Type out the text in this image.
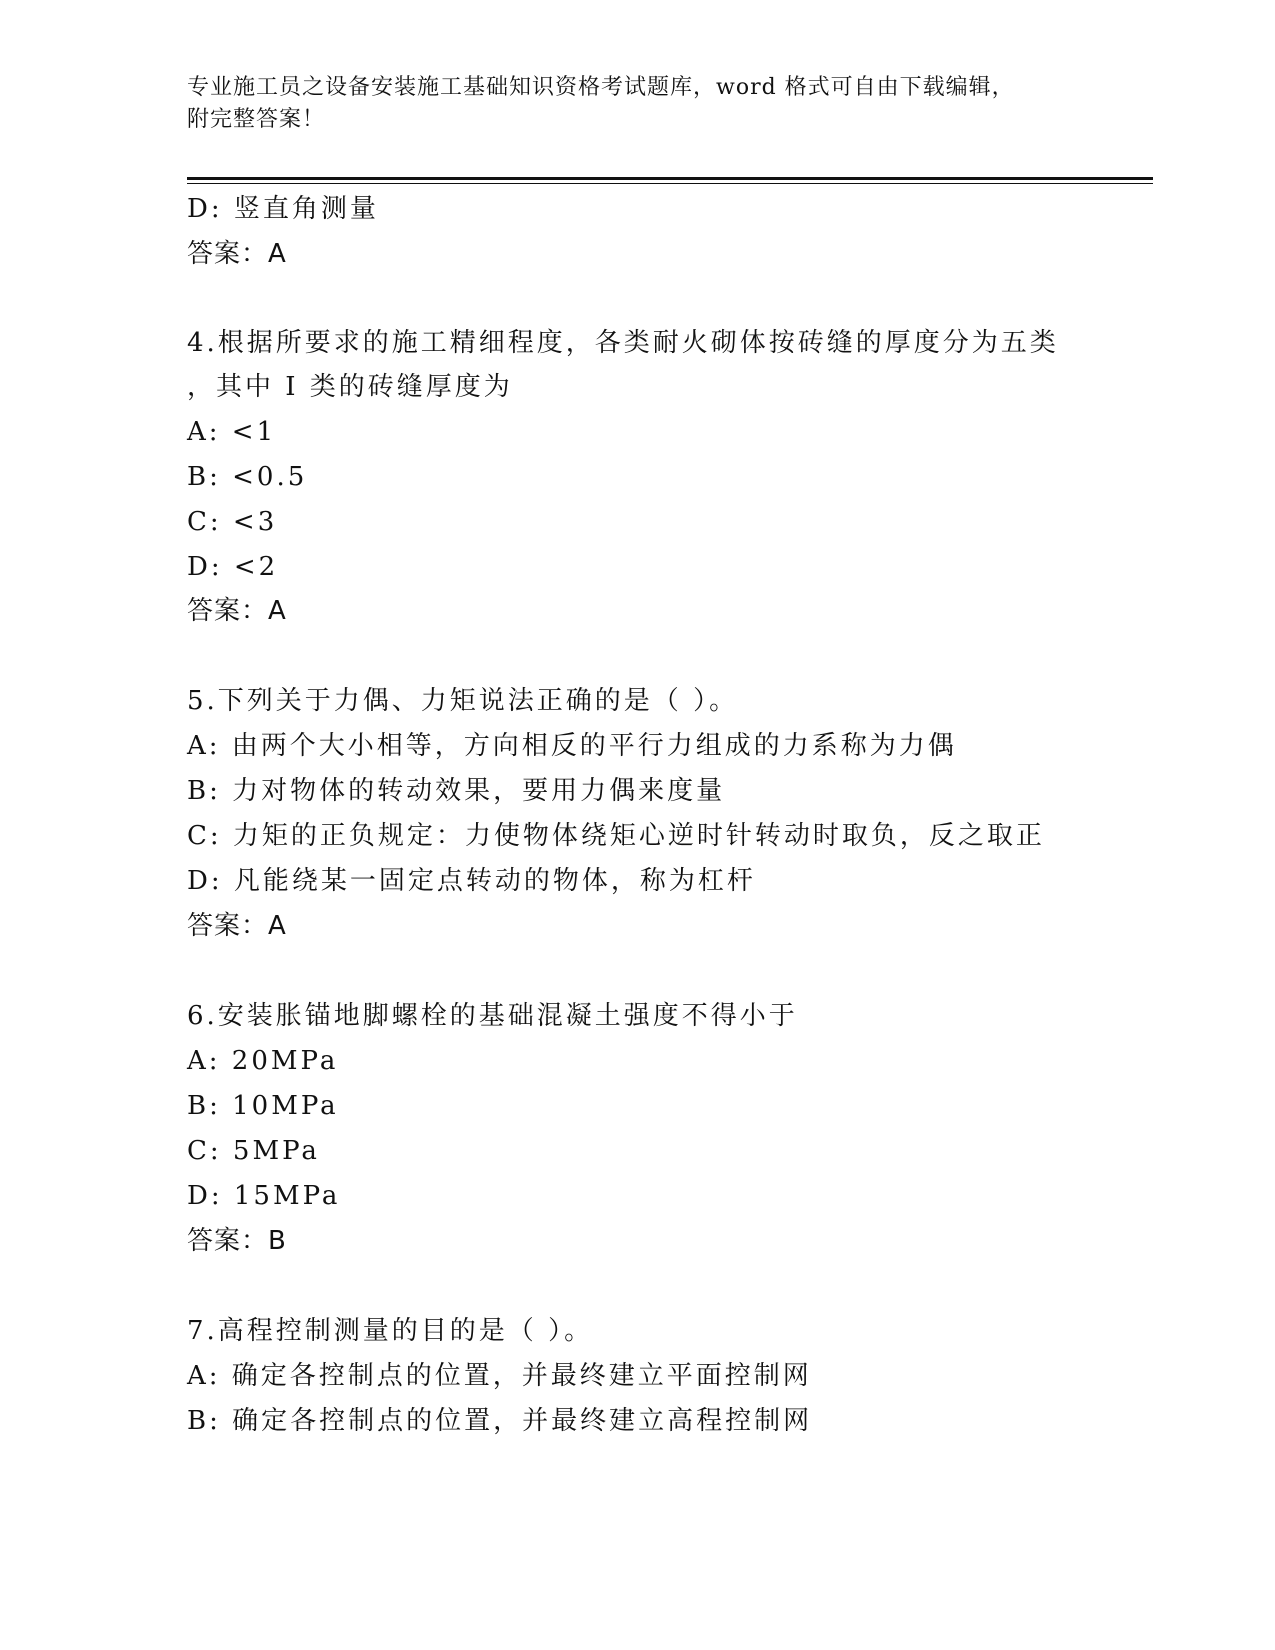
专业施工员之设备安装施工基础知识资格考试题库，word 格式可自由下载编辑，
附完整答案！
D: 竖直角测量
答案：A
4.根据所要求的施工精细程度，各类耐火砌体按砖缝的厚度分为五类
，其中 I 类的砖缝厚度为
A: <1
B: <0.5
C: <3
D: <2
答案：A
5.下列关于力偶、力矩说法正确的是（ ）。
A: 由两个大小相等，方向相反的平行力组成的力系称为力偶
B: 力对物体的转动效果，要用力偶来度量
C: 力矩的正负规定：力使物体绕矩心逆时针转动时取负，反之取正
D: 凡能绕某一固定点转动的物体，称为杠杆
答案：A
6.安装胀锚地脚螺栓的基础混凝土强度不得小于
A: 20MPa
B: 10MPa
C: 5MPa
D: 15MPa
答案：B
7.高程控制测量的目的是（ ）。
A: 确定各控制点的位置，并最终建立平面控制网
B: 确定各控制点的位置，并最终建立高程控制网
